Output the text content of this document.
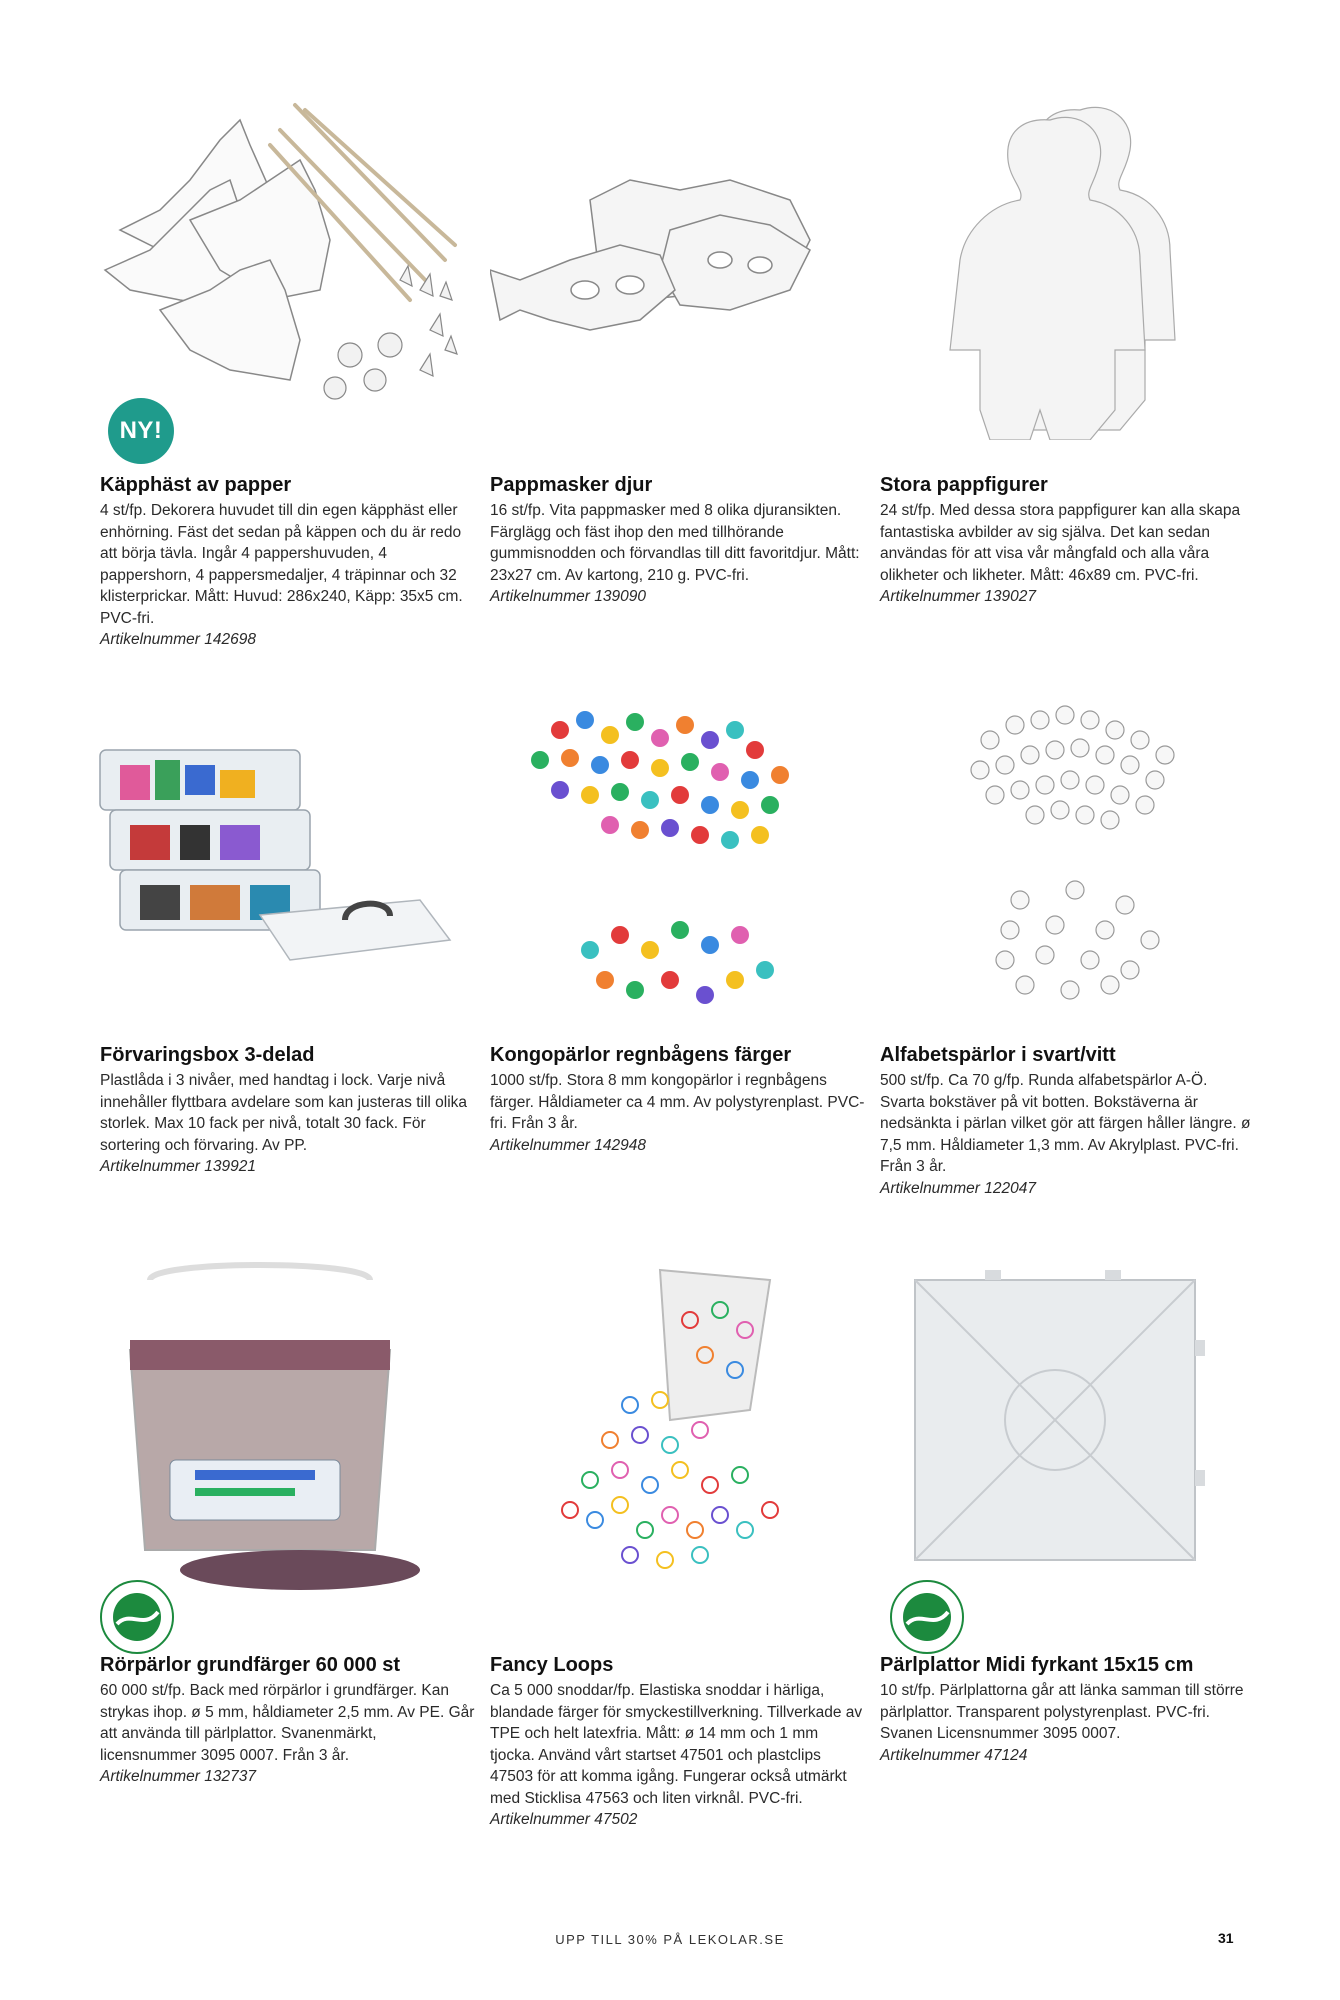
NY!
Käpphäst av papper
4 st/fp. Dekorera huvudet till din egen käpphäst eller enhörning. Fäst det sedan på käppen och du är redo att börja tävla. Ingår 4 pappershuvuden, 4 pappershorn, 4 pappersmedaljer, 4 träpinnar och 32 klisterprickar. Mått: Huvud: 286x240, Käpp: 35x5 cm. PVC-fri.
Artikelnummer 142698
Pappmasker djur
16 st/fp. Vita pappmasker med 8 olika djuransikten. Färglägg och fäst ihop den med tillhörande gummisnodden och förvandlas till ditt favoritdjur. Mått: 23x27 cm. Av kartong, 210 g. PVC-fri.
Artikelnummer 139090
Stora pappfigurer
24 st/fp. Med dessa stora pappfigurer kan alla skapa fantastiska avbilder av sig själva. Det kan sedan användas för att visa vår mångfald och alla våra olikheter och likheter. Mått: 46x89 cm. PVC-fri.
Artikelnummer 139027
Förvaringsbox 3-delad
Plastlåda i 3 nivåer, med handtag i lock. Varje nivå innehåller flyttbara avdelare som kan justeras till olika storlek. Max 10 fack per nivå, totalt 30 fack. För sortering och förvaring. Av PP.
Artikelnummer 139921
Kongopärlor regnbågens färger
1000 st/fp. Stora 8 mm kongopärlor i regnbågens färger. Håldiameter ca 4 mm. Av polystyrenplast. PVC-fri. Från 3 år.
Artikelnummer 142948
Alfabetspärlor i svart/vitt
500 st/fp. Ca 70 g/fp. Runda alfabetspärlor A-Ö. Svarta bokstäver på vit botten. Bokstäverna är nedsänkta i pärlan vilket gör att färgen håller längre. ø 7,5 mm. Håldiameter 1,3 mm. Av Akrylplast. PVC-fri. Från 3 år.
Artikelnummer 122047
Rörpärlor grundfärger 60 000 st
60 000 st/fp. Back med rörpärlor i grundfärger. Kan strykas ihop. ø 5 mm, håldiameter 2,5 mm. Av PE. Går att använda till pärlplattor. Svanenmärkt, licensnummer 3095 0007. Från 3 år.
Artikelnummer 132737
Fancy Loops
Ca 5 000 snoddar/fp. Elastiska snoddar i härliga, blandade färger för smyckestillverkning. Tillverkade av TPE och helt latexfria. Mått: ø 14 mm och 1 mm tjocka. Använd vårt startset 47501 och plastclips 47503 för att komma igång. Fungerar också utmärkt med Sticklisa 47563 och liten virknål. PVC-fri.
Artikelnummer 47502
Pärlplattor Midi fyrkant 15x15 cm
10 st/fp. Pärlplattorna går att länka samman till större pärlplattor. Transparent polystyrenplast. PVC-fri. Svanen Licensnummer 3095 0007.
Artikelnummer 47124
UPP TILL 30% PÅ LEKOLAR.SE	31
